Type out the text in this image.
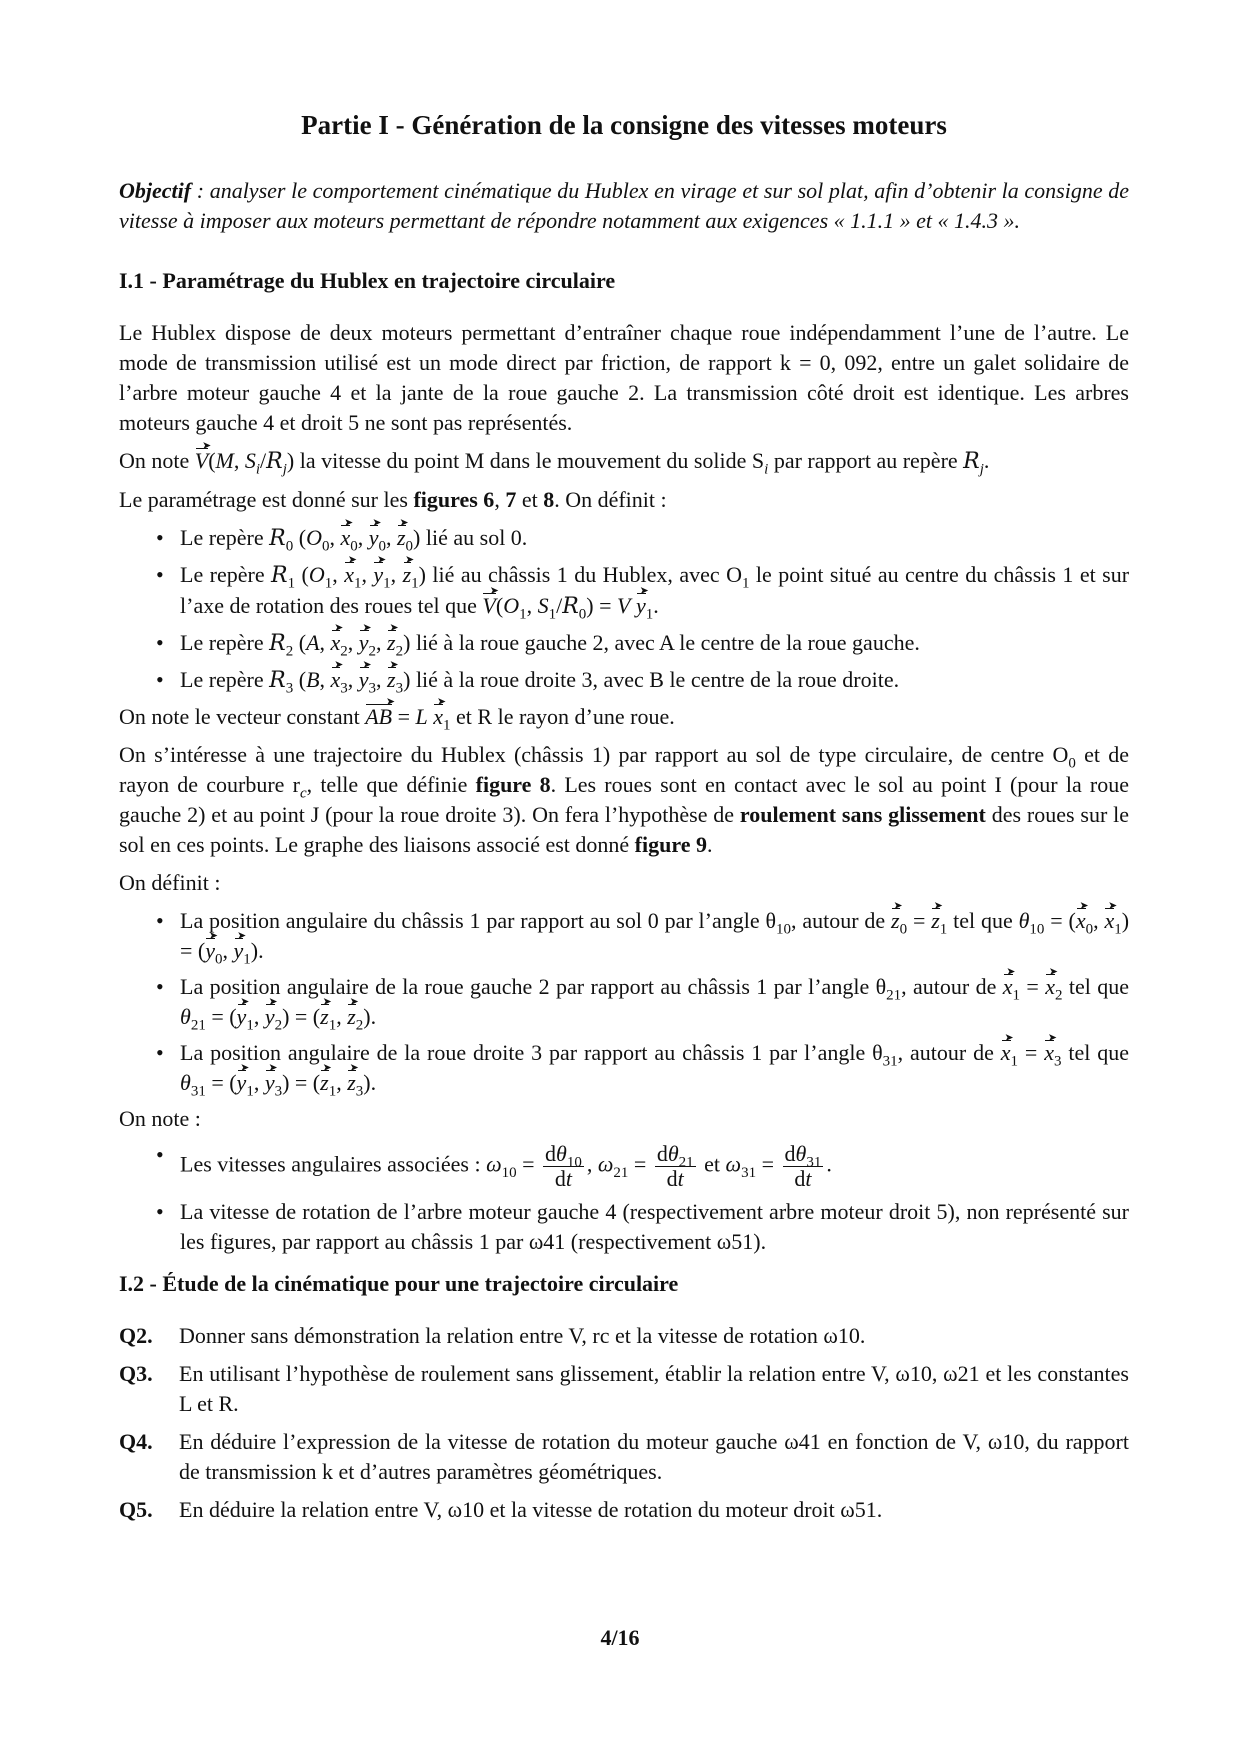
Partie I - Génération de la consigne des vitesses moteurs

Objectif : analyser le comportement cinématique du Hublex en virage et sur sol plat, afin d’obtenir la consigne de vitesse à imposer aux moteurs permettant de répondre notamment aux exigences « 1.1.1 » et « 1.4.3 ».

I.1 - Paramétrage du Hublex en trajectoire circulaire

Le Hublex dispose de deux moteurs permettant d’entraîner chaque roue indépendamment l’une de l’autre. Le mode de transmission utilisé est un mode direct par friction, de rapport k = 0, 092, entre un galet solidaire de l’arbre moteur gauche 4 et la jante de la roue gauche 2. La transmission côté droit est identique. Les arbres moteurs gauche 4 et droit 5 ne sont pas représentés.

On note V
➤
(M, $S_i/R_j$) la vitesse du point M dans le mouvement du solide $S_i$ par rapport au repère $R_j$.

Le paramétrage est donné sur les figures 6, 7 et 8. On définit :

• Le repère $R_0$ ($O_0$, x
➤
$_0$, y
➤
$_0$, z
➤
$_0$) lié au sol 0.
• Le repère $R_1$ ($O_1$, x
➤
$_1$, y
➤
$_1$, z
➤
$_1$) lié au châssis 1 du Hublex, avec $O_1$ le point situé au centre du châssis 1 et sur l’axe de rotation des roues tel que V
➤
($O_1$, $S_1/R_0) = V$ y
➤
$_1$.
• Le repère $R_2$ (A, x
➤
$_2$, y
➤
$_2$, z
➤
$_2$) lié à la roue gauche 2, avec A le centre de la roue gauche.
• Le repère $R_3$ (B, x
➤
$_3$, y
➤
$_3$, z
➤
$_3$) lié à la roue droite 3, avec B le centre de la roue droite.

On note le vecteur constant AB
➤
= L x
➤
$_1$ et R le rayon d’une roue.

On s’intéresse à une trajectoire du Hublex (châssis 1) par rapport au sol de type circulaire, de centre $O_0$ et de rayon de courbure $r_c$, telle que définie figure 8. Les roues sont en contact avec le sol au point I (pour la roue gauche 2) et au point J (pour la roue droite 3). On fera l’hypothèse de roulement sans glissement des roues sur le sol en ces points. Le graphe des liaisons associé est donné figure 9.

On définit :

• La position angulaire du châssis 1 par rapport au sol 0 par l’angle $\theta_{10}$, autour de z
➤
$_0$ = z
➤
$_1$ tel que $\theta_{10} = (x$
➤
$_0$, x
➤
$_1$) = (y
➤
$_0$, y
➤
$_1$).
• La position angulaire de la roue gauche 2 par rapport au châssis 1 par l’angle $\theta_{21}$, autour de x
➤
$_1$ = x
➤
$_2$ tel que $\theta_{21} = (y$
➤
$_1$, y
➤
$_2$) = (z
➤
$_1$, z
➤
$_2$).
• La position angulaire de la roue droite 3 par rapport au châssis 1 par l’angle $\theta_{31}$, autour de x
➤
$_1$ = x
➤
$_3$ tel que $\theta_{31} = (y$
➤
$_1$, y
➤
$_3$) = (z
➤
$_1$, z
➤
$_3$).

On note :

• Les vitesses angulaires associées : $\omega_{10} = \frac{d\theta_{10}}{dt}$ , $\omega_{21} = \frac{d\theta_{21}}{dt}$ et $\omega_{31} = \frac{d\theta_{31}}{dt}$ .
• La vitesse de rotation de l’arbre moteur gauche 4 (respectivement arbre moteur droit 5), non représenté sur les figures, par rapport au châssis 1 par ω41 (respectivement ω51).
I.2 - Étude de la cinématique pour une trajectoire circulaire
Q2.	Donner sans démonstration la relation entre V, rc et la vitesse de rotation ω10.
Q3.	En utilisant l’hypothèse de roulement sans glissement, établir la relation entre V, ω10, ω21 et les constantes L et R.
Q4.	En déduire l’expression de la vitesse de rotation du moteur gauche ω41 en fonction de V, ω10, du rapport de transmission k et d’autres paramètres géométriques.
Q5.	En déduire la relation entre V, ω10 et la vitesse de rotation du moteur droit ω51.
4/16
